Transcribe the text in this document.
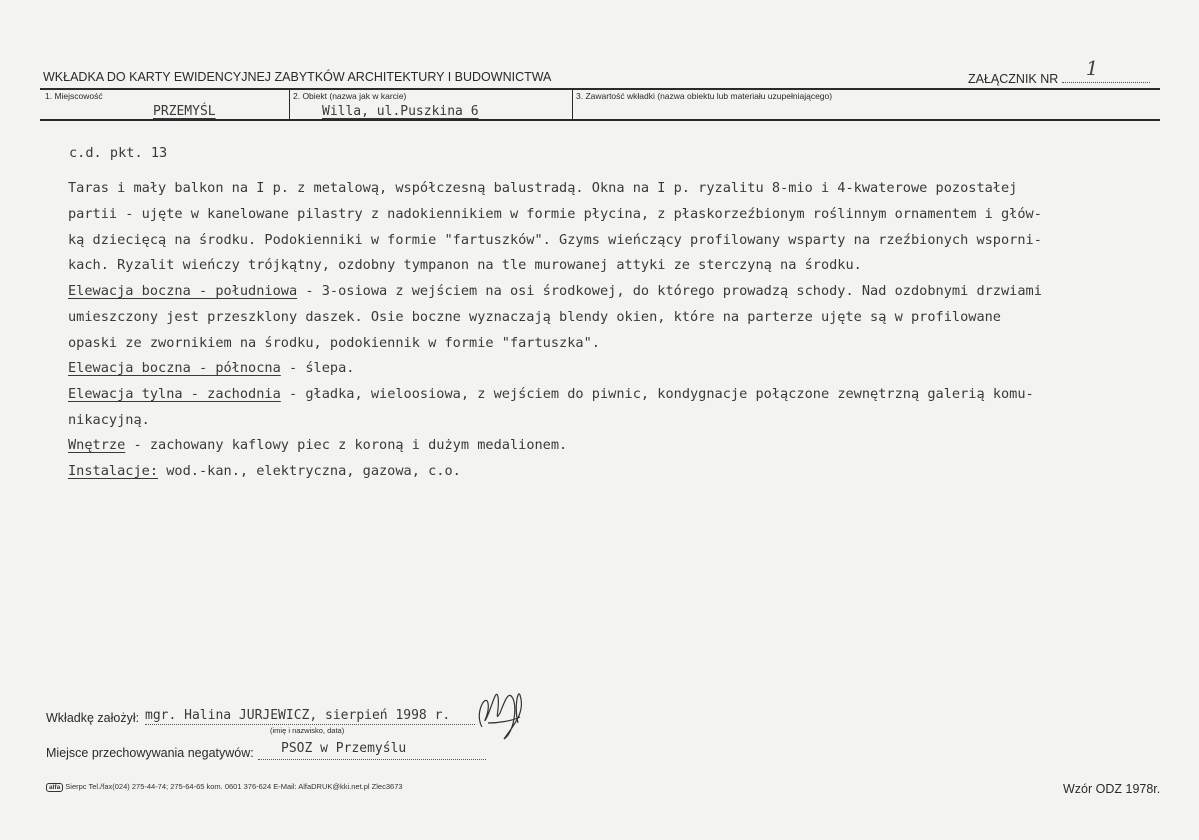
WKŁADKA DO KARTY EWIDENCYJNEJ ZABYTKÓW ARCHITEKTURY I BUDOWNICTWA	ZAŁĄCZNIK NR 1
1. Miejscowość	2. Obiekt (nazwa jak w karcie)	3. Zawartość wkładki (nazwa obiektu lub materiału uzupełniającego)
PRZEMYŚL	Willa, ul.Puszkina 6
c.d. pkt. 13
Taras i mały balkon na I p. z metalową, współczesną balustradą. Okna na I p. ryzalitu 8-mio i 4-kwaterowe pozostałej
partii - ujęte w kanelowane pilastry z nadokiennikiem w formie płycina, z płaskorzeźbionym roślinnym ornamentem i głów-
ką dziecięcą na środku. Podokienniki w formie "fartuszków". Gzyms wieńczący profilowany wsparty na rzeźbionych wsporni-
kach. Ryzalit wieńczy trójkątny, ozdobny tympanon na tle murowanej attyki ze sterczyną na środku.
Elewacja boczna - południowa - 3-osiowa z wejściem na osi środkowej, do którego prowadzą schody. Nad ozdobnymi drzwiami
umieszczony jest przeszklony daszek. Osie boczne wyznaczają blendy okien, które na parterze ujęte są w profilowane
opaski ze zwornikiem na środku, podokiennik w formie "fartuszka".
Elewacja boczna - północna - ślepa.
Elewacja tylna - zachodnia - gładka, wieloosiowa, z wejściem do piwnic, kondygnacje połączone zewnętrzną galerią komu-
nikacyjną.
Wnętrze - zachowany kaflowy piec z koroną i dużym medalionem.
Instalacje: wod.-kan., elektryczna, gazowa, c.o.
Wkładkę założył: mgr. Halina JURJEWICZ, sierpień 1998 r.
(imię i nazwisko, data)
Miejsce przechowywania negatywów: PSOZ w Przemyślu
alfa Sierpc Tel./fax(024) 275-44-74; 275-64-65 kom. 0601 376-624 E-Mail: AlfaDRUK@kki.net.pl Zlec3673	Wzór ODZ 1978r.
